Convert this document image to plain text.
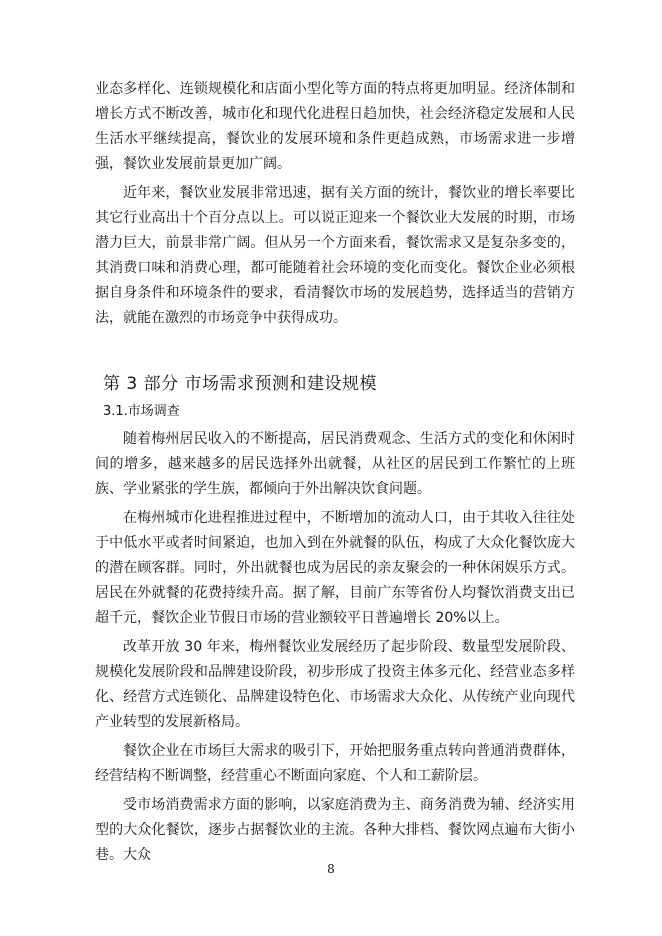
业态多样化、连锁规模化和店面小型化等方面的特点将更加明显。经济体制和增长方式不断改善，城市化和现代化进程日趋加快，社会经济稳定发展和人民生活水平继续提高，餐饮业的发展环境和条件更趋成熟，市场需求进一步增强，餐饮业发展前景更加广阔。

近年来，餐饮业发展非常迅速，据有关方面的统计，餐饮业的增长率要比其它行业高出十个百分点以上。可以说正迎来一个餐饮业大发展的时期，市场潜力巨大，前景非常广阔。但从另一个方面来看，餐饮需求又是复杂多变的，其消费口味和消费心理，都可能随着社会环境的变化而变化。餐饮企业必须根据自身条件和环境条件的要求，看清餐饮市场的发展趋势，选择适当的营销方法，就能在激烈的市场竞争中获得成功。

第 3 部分 市场需求预测和建设规模
3.1.市场调查

随着梅州居民收入的不断提高，居民消费观念、生活方式的变化和休闲时间的增多，越来越多的居民选择外出就餐，从社区的居民到工作繁忙的上班族、学业紧张的学生族，都倾向于外出解决饮食问题。

在梅州城市化进程推进过程中，不断增加的流动人口，由于其收入往往处于中低水平或者时间紧迫，也加入到在外就餐的队伍，构成了大众化餐饮庞大的潜在顾客群。同时，外出就餐也成为居民的亲友聚会的一种休闲娱乐方式。居民在外就餐的花费持续升高。据了解，目前广东等省份人均餐饮消费支出已超千元，餐饮企业节假日市场的营业额较平日普遍增长 20%以上。

改革开放 30 年来，梅州餐饮业发展经历了起步阶段、数量型发展阶段、规模化发展阶段和品牌建设阶段，初步形成了投资主体多元化、经营业态多样化、经营方式连锁化、品牌建设特色化、市场需求大众化、从传统产业向现代产业转型的发展新格局。

餐饮企业在市场巨大需求的吸引下，开始把服务重点转向普通消费群体，经营结构不断调整，经营重心不断面向家庭、个人和工薪阶层。

受市场消费需求方面的影响，以家庭消费为主、商务消费为辅、经济实用型的大众化餐饮，逐步占据餐饮业的主流。各种大排档、餐饮网点遍布大街小巷。大众

8
